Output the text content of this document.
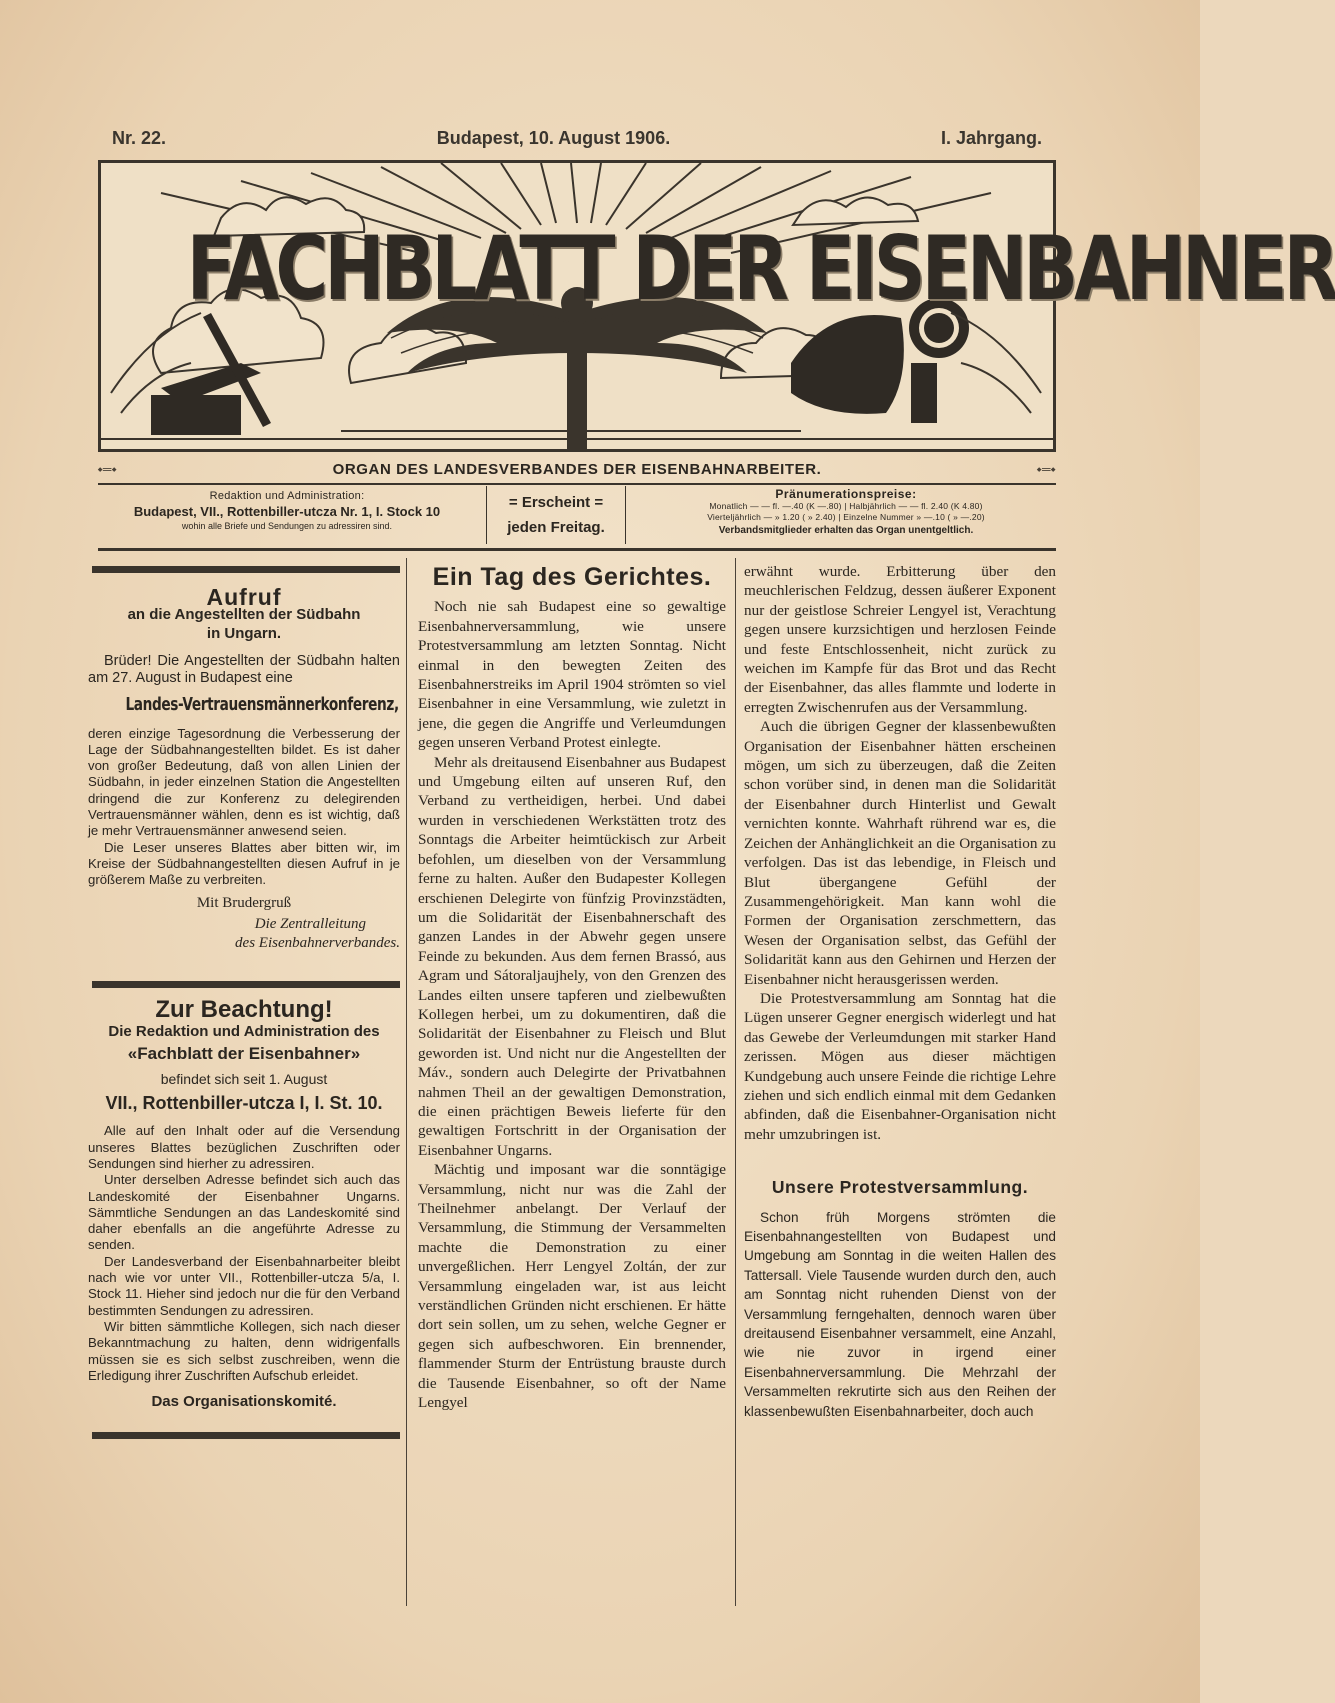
Nr. 22.	Budapest, 10. August 1906.	I. Jahrgang.
FACHBLATT DER EISENBAHNER
⬩═⬩	ORGAN DES LANDESVERBANDES DER EISENBAHNARBEITER.	⬩═⬩
Redaktion und Administration:
Budapest, VII., Rottenbiller-utcza Nr. 1, I. Stock 10
wohin alle Briefe und Sendungen zu adressiren sind.
= Erscheint =
jeden Freitag.
Pränumerationspreise:
Monatlich — — fl. —.40 (K —.80) | Halbjährlich — — fl. 2.40 (K 4.80)
Vierteljährlich — » 1.20 ( » 2.40) | Einzelne Nummer » —.10 ( » —.20)
Verbandsmitglieder erhalten das Organ unentgeltlich.
Aufruf
an die Angestellten der Südbahn
in Ungarn.

Brüder! Die Angestellten der Südbahn halten am 27. August in Budapest eine

Landes-Vertrauensmännerkonferenz,

deren einzige Tagesordnung die Verbesserung der Lage der Südbahnangestellten bildet. Es ist daher von großer Bedeutung, daß von allen Linien der Südbahn, in jeder einzelnen Station die Angestellten dringend die zur Konferenz zu delegirenden Vertrauensmänner wählen, denn es ist wichtig, daß je mehr Vertrauensmänner anwesend seien.

Die Leser unseres Blattes aber bitten wir, im Kreise der Südbahnangestellten diesen Aufruf in je größerem Maße zu verbreiten.

Mit Brudergruß
Die Zentralleitung
des Eisenbahnerverbandes.
Zur Beachtung!
Die Redaktion und Administration des
«Fachblatt der Eisenbahner»
befindet sich seit 1. August
VII., Rottenbiller-utcza I, I. St. 10.

Alle auf den Inhalt oder auf die Versendung unseres Blattes bezüglichen Zuschriften oder Sendungen sind hierher zu adressiren.

Unter derselben Adresse befindet sich auch das Landeskomité der Eisenbahner Ungarns. Sämmtliche Sendungen an das Landeskomité sind daher ebenfalls an die angeführte Adresse zu senden.

Der Landesverband der Eisenbahnarbeiter bleibt nach wie vor unter VII., Rottenbiller-utcza 5/a, I. Stock 11. Hieher sind jedoch nur die für den Verband bestimmten Sendungen zu adressiren.

Wir bitten sämmtliche Kollegen, sich nach dieser Bekanntmachung zu halten, denn widrigenfalls müssen sie es sich selbst zuschreiben, wenn die Erledigung ihrer Zuschriften Aufschub erleidet.

Das Organisationskomité.
Ein Tag des Gerichtes.

Noch nie sah Budapest eine so gewaltige Eisenbahnerversammlung, wie unsere Protestversammlung am letzten Sonntag. Nicht einmal in den bewegten Zeiten des Eisenbahnerstreiks im April 1904 strömten so viel Eisenbahner in eine Versammlung, wie zuletzt in jene, die gegen die Angriffe und Verleumdungen gegen unseren Verband Protest einlegte.

Mehr als dreitausend Eisenbahner aus Budapest und Umgebung eilten auf unseren Ruf, den Verband zu vertheidigen, herbei. Und dabei wurden in verschiedenen Werkstätten trotz des Sonntags die Arbeiter heimtückisch zur Arbeit befohlen, um dieselben von der Versammlung ferne zu halten. Außer den Budapester Kollegen erschienen Delegirte von fünfzig Provinzstädten, um die Solidarität der Eisenbahnerschaft des ganzen Landes in der Abwehr gegen unsere Feinde zu bekunden. Aus dem fernen Brassó, aus Agram und Sátoraljaujhely, von den Grenzen des Landes eilten unsere tapferen und zielbewußten Kollegen herbei, um zu dokumentiren, daß die Solidarität der Eisenbahner zu Fleisch und Blut geworden ist. Und nicht nur die Angestellten der Máv., sondern auch Delegirte der Privatbahnen nahmen Theil an der gewaltigen Demonstration, die einen prächtigen Beweis lieferte für den gewaltigen Fortschritt in der Organisation der Eisenbahner Ungarns.

Mächtig und imposant war die sonntägige Versammlung, nicht nur was die Zahl der Theilnehmer anbelangt. Der Verlauf der Versammlung, die Stimmung der Versammelten machte die Demonstration zu einer unvergeßlichen. Herr Lengyel Zoltán, der zur Versammlung eingeladen war, ist aus leicht verständlichen Gründen nicht erschienen. Er hätte dort sein sollen, um zu sehen, welche Gegner er gegen sich aufbeschworen. Ein brennender, flammender Sturm der Entrüstung brauste durch die Tausende Eisenbahner, so oft der Name Lengyel

erwähnt wurde. Erbitterung über den meuchlerischen Feldzug, dessen äußerer Exponent nur der geistlose Schreier Lengyel ist, Verachtung gegen unsere kurzsichtigen und herzlosen Feinde und feste Entschlossenheit, nicht zurück zu weichen im Kampfe für das Brot und das Recht der Eisenbahner, das alles flammte und loderte in erregten Zwischenrufen aus der Versammlung.

Auch die übrigen Gegner der klassenbewußten Organisation der Eisenbahner hätten erscheinen mögen, um sich zu überzeugen, daß die Zeiten schon vorüber sind, in denen man die Solidarität der Eisenbahner durch Hinterlist und Gewalt vernichten konnte. Wahrhaft rührend war es, die Zeichen der Anhänglichkeit an die Organisation zu verfolgen. Das ist das lebendige, in Fleisch und Blut übergangene Gefühl der Zusammengehörigkeit. Man kann wohl die Formen der Organisation zerschmettern, das Wesen der Organisation selbst, das Gefühl der Solidarität kann aus den Gehirnen und Herzen der Eisenbahner nicht herausgerissen werden.

Die Protestversammlung am Sonntag hat die Lügen unserer Gegner energisch widerlegt und hat das Gewebe der Verleumdungen mit starker Hand zerissen. Mögen aus dieser mächtigen Kundgebung auch unsere Feinde die richtige Lehre ziehen und sich endlich einmal mit dem Gedanken abfinden, daß die Eisenbahner-Organisation nicht mehr umzubringen ist.

Unsere Protestversammlung.

Schon früh Morgens strömten die Eisenbahnangestellten von Budapest und Umgebung am Sonntag in die weiten Hallen des Tattersall. Viele Tausende wurden durch den, auch am Sonntag nicht ruhenden Dienst von der Versammlung ferngehalten, dennoch waren über dreitausend Eisenbahner versammelt, eine Anzahl, wie nie zuvor in irgend einer Eisenbahnerversammlung. Die Mehrzahl der Versammelten rekrutirte sich aus den Reihen der klassenbewußten Eisenbahnarbeiter, doch auch
